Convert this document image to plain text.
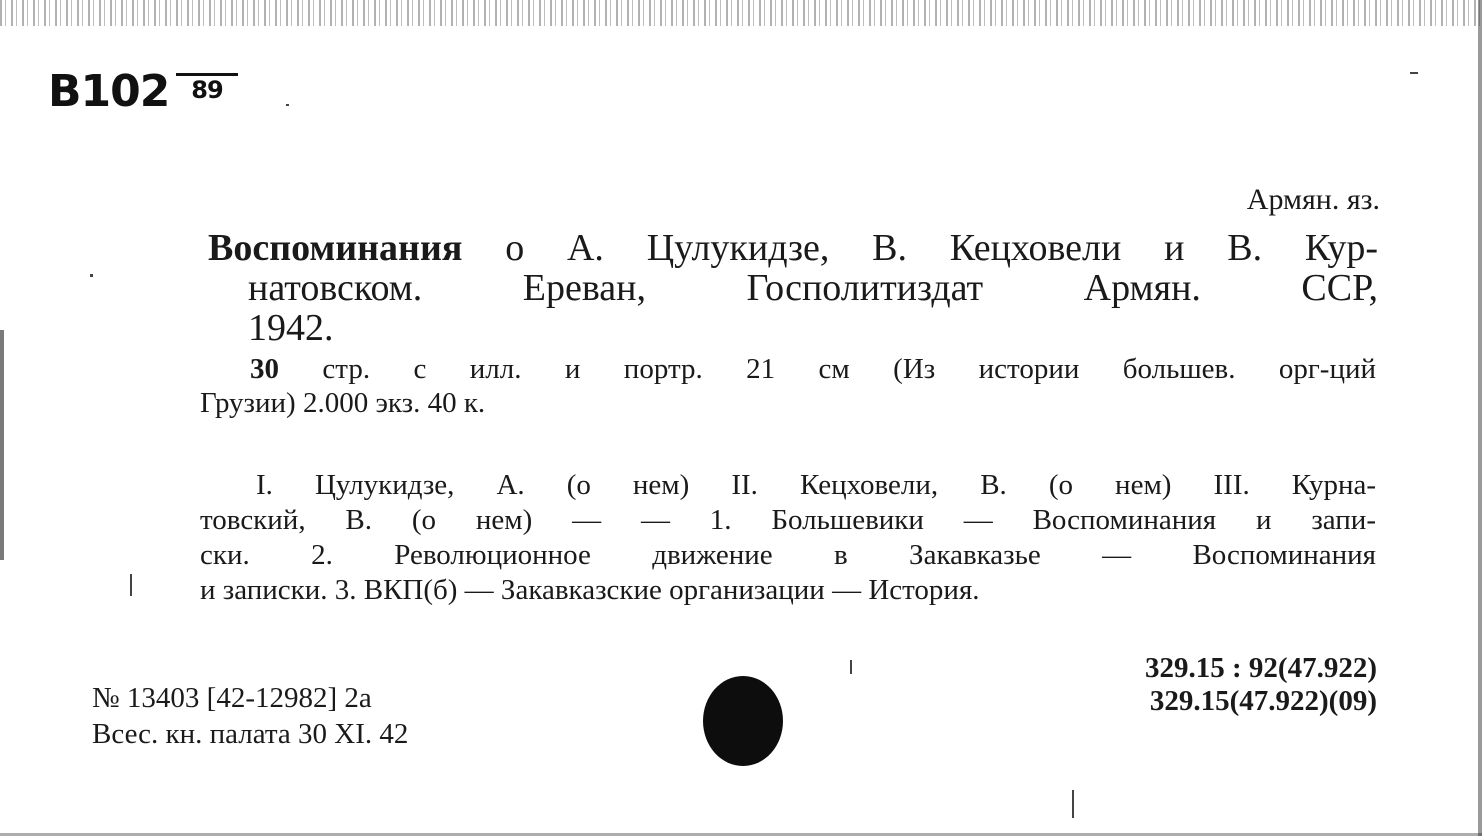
B102 89
Армян. яз.
Воспоминания о А. Цулукидзе, В. Кецховели и В. Кур-
натовском. Ереван, Госполитиздат Армян. ССР,
1942.
30 стр. с илл. и портр. 21 см (Из истории большев. орг-ций
Грузии) 2.000 экз. 40 к.
I. Цулукидзе, А. (о нем) II. Кецховели, В. (о нем) III. Курна-
товский, В. (о нем) — — 1. Большевики — Воспоминания и запи-
ски. 2. Революционное движение в Закавказье — Воспоминания
и записки. 3. ВКП(б) — Закавказские организации — История.
№ 13403 [42-12982] 2а
Всес. кн. палата 30 XI. 42
329.15 : 92(47.922)
329.15(47.922)(09)
